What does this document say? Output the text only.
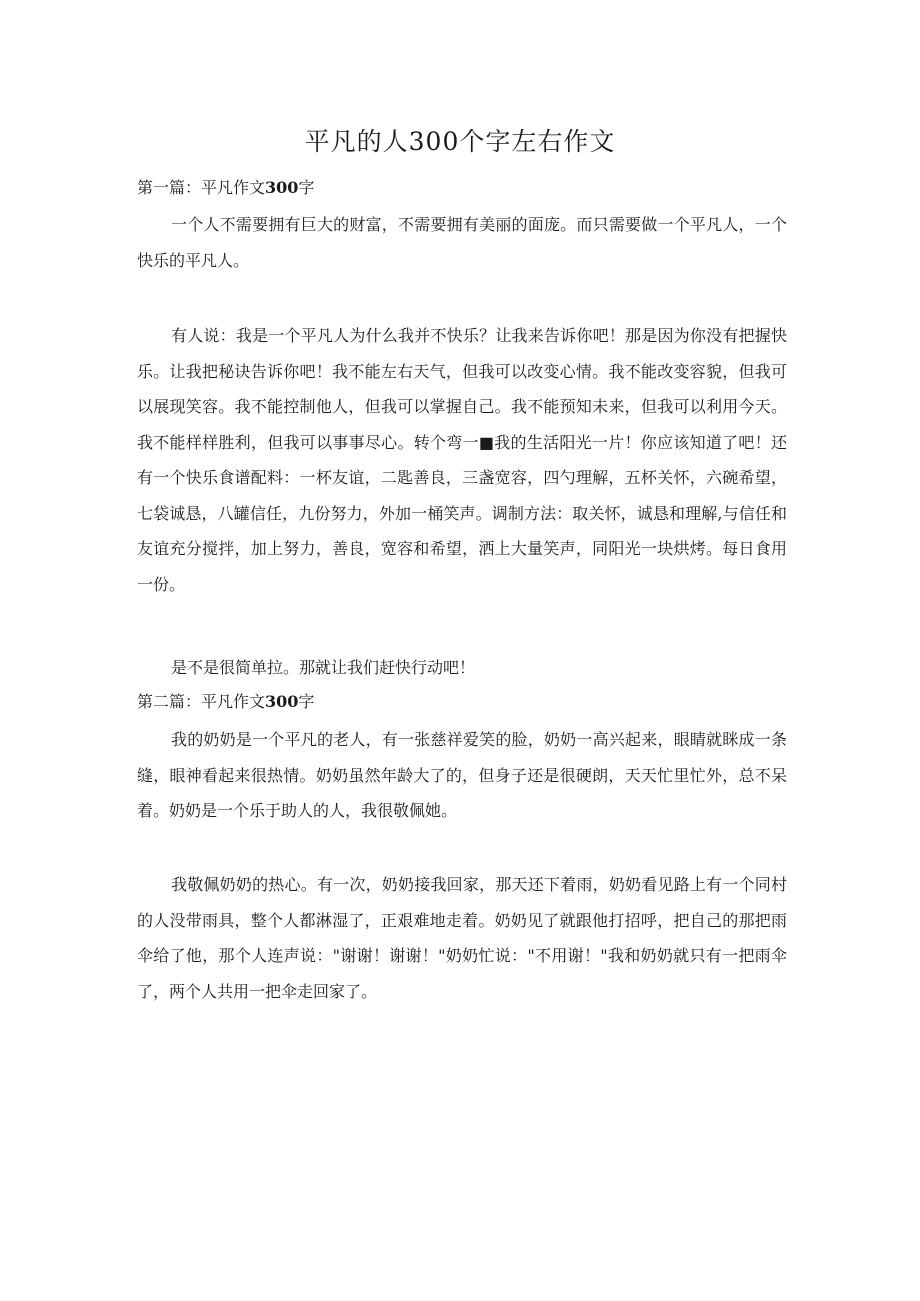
平凡的人300个字左右作文

第一篇：平凡作文300字

一个人不需要拥有巨大的财富，不需要拥有美丽的面庞。而只需要做一个平凡人，一个快乐的平凡人。

有人说：我是一个平凡人为什么我并不快乐？让我来告诉你吧！那是因为你没有把握快乐。让我把秘诀告诉你吧！我不能左右天气，但我可以改变心情。我不能改变容貌，但我可以展现笑容。我不能控制他人，但我可以掌握自己。我不能预知未来，但我可以利用今天。我不能样样胜利，但我可以事事尽心。转个弯一■我的生活阳光一片！你应该知道了吧！还有一个快乐食谱配料：一杯友谊，二匙善良，三盏宽容，四勺理解，五杯关怀，六碗希望，七袋诚恳，八罐信任，九份努力，外加一桶笑声。调制方法：取关怀，诚恳和理解,与信任和友谊充分搅拌，加上努力，善良，宽容和希望，洒上大量笑声，同阳光一块烘烤。每日食用一份。

是不是很简单拉。那就让我们赶快行动吧！

第二篇：平凡作文300字

我的奶奶是一个平凡的老人，有一张慈祥爱笑的脸，奶奶一高兴起来，眼睛就眯成一条缝，眼神看起来很热情。奶奶虽然年龄大了的，但身子还是很硬朗，天天忙里忙外，总不呆着。奶奶是一个乐于助人的人，我很敬佩她。

我敬佩奶奶的热心。有一次，奶奶接我回家，那天还下着雨，奶奶看见路上有一个同村的人没带雨具，整个人都淋湿了，正艰难地走着。奶奶见了就跟他打招呼，把自己的那把雨伞给了他，那个人连声说："谢谢！谢谢！"奶奶忙说："不用谢！"我和奶奶就只有一把雨伞了，两个人共用一把伞走回家了。
